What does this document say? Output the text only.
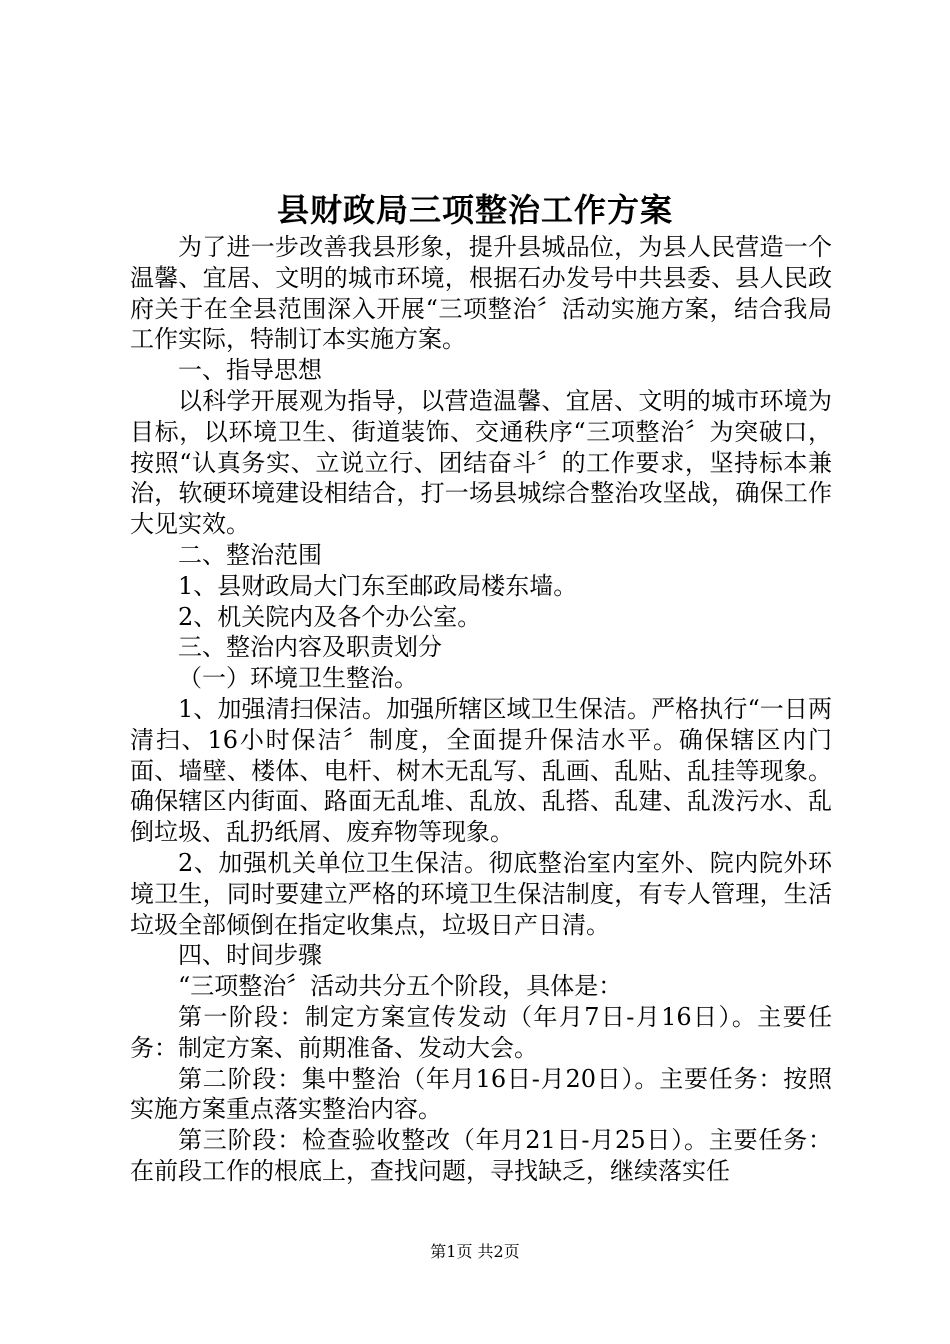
县财政局三项整治工作方案

为了进一步改善我县形象，提升县城品位，为县人民营造一个温馨、宜居、文明的城市环境，根据石办发号中共县委、县人民政府关于在全县范围深入开展“三项整治〞活动实施方案，结合我局工作实际，特制订本实施方案。

一、指导思想

以科学开展观为指导，以营造温馨、宜居、文明的城市环境为目标，以环境卫生、街道装饰、交通秩序“三项整治〞为突破口，按照“认真务实、立说立行、团结奋斗〞的工作要求，坚持标本兼治，软硬环境建设相结合，打一场县城综合整治攻坚战，确保工作大见实效。

二、整治范围

1、县财政局大门东至邮政局楼东墙。

2、机关院内及各个办公室。

三、整治内容及职责划分

（一）环境卫生整治。

1、加强清扫保洁。加强所辖区域卫生保洁。严格执行“一日两清扫、16小时保洁〞制度，全面提升保洁水平。确保辖区内门面、墙壁、楼体、电杆、树木无乱写、乱画、乱贴、乱挂等现象。确保辖区内街面、路面无乱堆、乱放、乱搭、乱建、乱泼污水、乱倒垃圾、乱扔纸屑、废弃物等现象。

2、加强机关单位卫生保洁。彻底整治室内室外、院内院外环境卫生，同时要建立严格的环境卫生保洁制度，有专人管理，生活垃圾全部倾倒在指定收集点，垃圾日产日清。

四、时间步骤

“三项整治〞活动共分五个阶段，具体是：

第一阶段：制定方案宣传发动（年月7日-月16日）。主要任务：制定方案、前期准备、发动大会。

第二阶段：集中整治（年月16日-月20日）。主要任务：按照实施方案重点落实整治内容。

第三阶段：检查验收整改（年月21日-月25日）。主要任务：在前段工作的根底上，查找问题，寻找缺乏，继续落实任

第1页 共2页
